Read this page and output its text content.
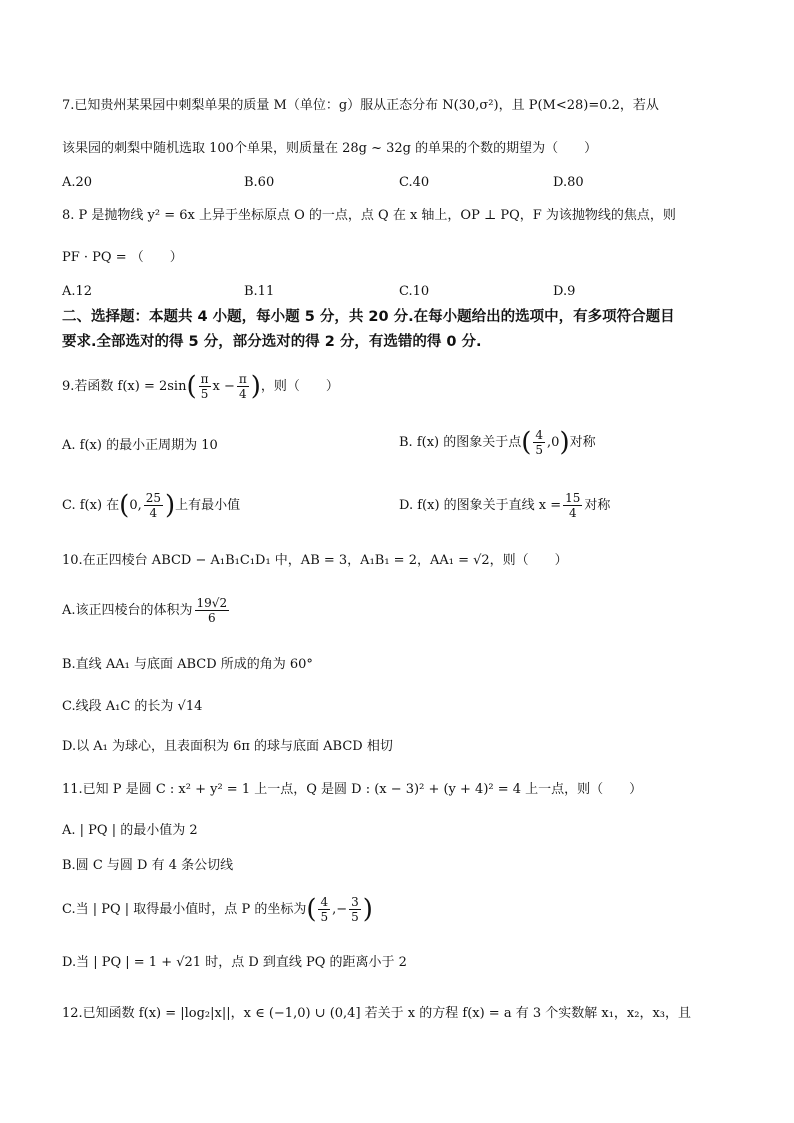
7.已知贵州某果园中刺梨单果的质量 M（单位：g）服从正态分布 N(30,σ²)，且 P(M<28)=0.2，若从
该果园的刺梨中随机选取 100个单果，则质量在 28g ~ 32g 的单果的个数的期望为（　　）
A.20	B.60	C.40	D.80
8. P 是抛物线 y² = 6x 上异于坐标原点 O 的一点，点 Q 在 x 轴上，OP ⊥ PQ，F 为该抛物线的焦点，则
PF · PQ = （　　）
A.12	B.11	C.10	D.9
二、选择题：本题共 4 小题，每小题 5 分，共 20 分.在每小题给出的选项中，有多项符合题目
要求.全部选对的得 5 分，部分选对的得 2 分，有选错的得 0 分.
9.若函数 $f(x) = 2\sin( \frac{\pi}{5}$ $x - \frac{\pi}{4}$ )，则（　　）
A. f(x) 的最小正周期为 10	B. f(x) 的图象关于点( $\frac{4}{5} ,0$)对称
C. f(x) 在(0, $\frac{25}{4}$ )上有最小值	D. f(x) 的图象关于直线 $x = \frac{15}{4}$ 对称
10.在正四棱台 ABCD − A₁B₁C₁D₁ 中，AB = 3，A₁B₁ = 2，AA₁ = √2，则（　　）
A.该正四棱台的体积为 $\frac{19√2}{6}$
B.直线 AA₁ 与底面 ABCD 所成的角为 60°
C.线段 A₁C 的长为 √14
D.以 A₁ 为球心，且表面积为 6π 的球与底面 ABCD 相切
11.已知 P 是圆 C : x² + y² = 1 上一点，Q 是圆 D : (x − 3)² + (y + 4)² = 4 上一点，则（　　）
A. | PQ | 的最小值为 2
B.圆 C 与圆 D 有 4 条公切线
C.当 | PQ | 取得最小值时，点 P 的坐标为( $\frac{4}{5}$ ,− $\frac{3}{5}$ )
D.当 | PQ | = 1 + √21 时，点 D 到直线 PQ 的距离小于 2
12.已知函数 f(x) = |log₂|x||，x ∈ (−1,0) ∪ (0,4] 若关于 x 的方程 f(x) = a 有 3 个实数解 x₁，x₂，x₃，且
